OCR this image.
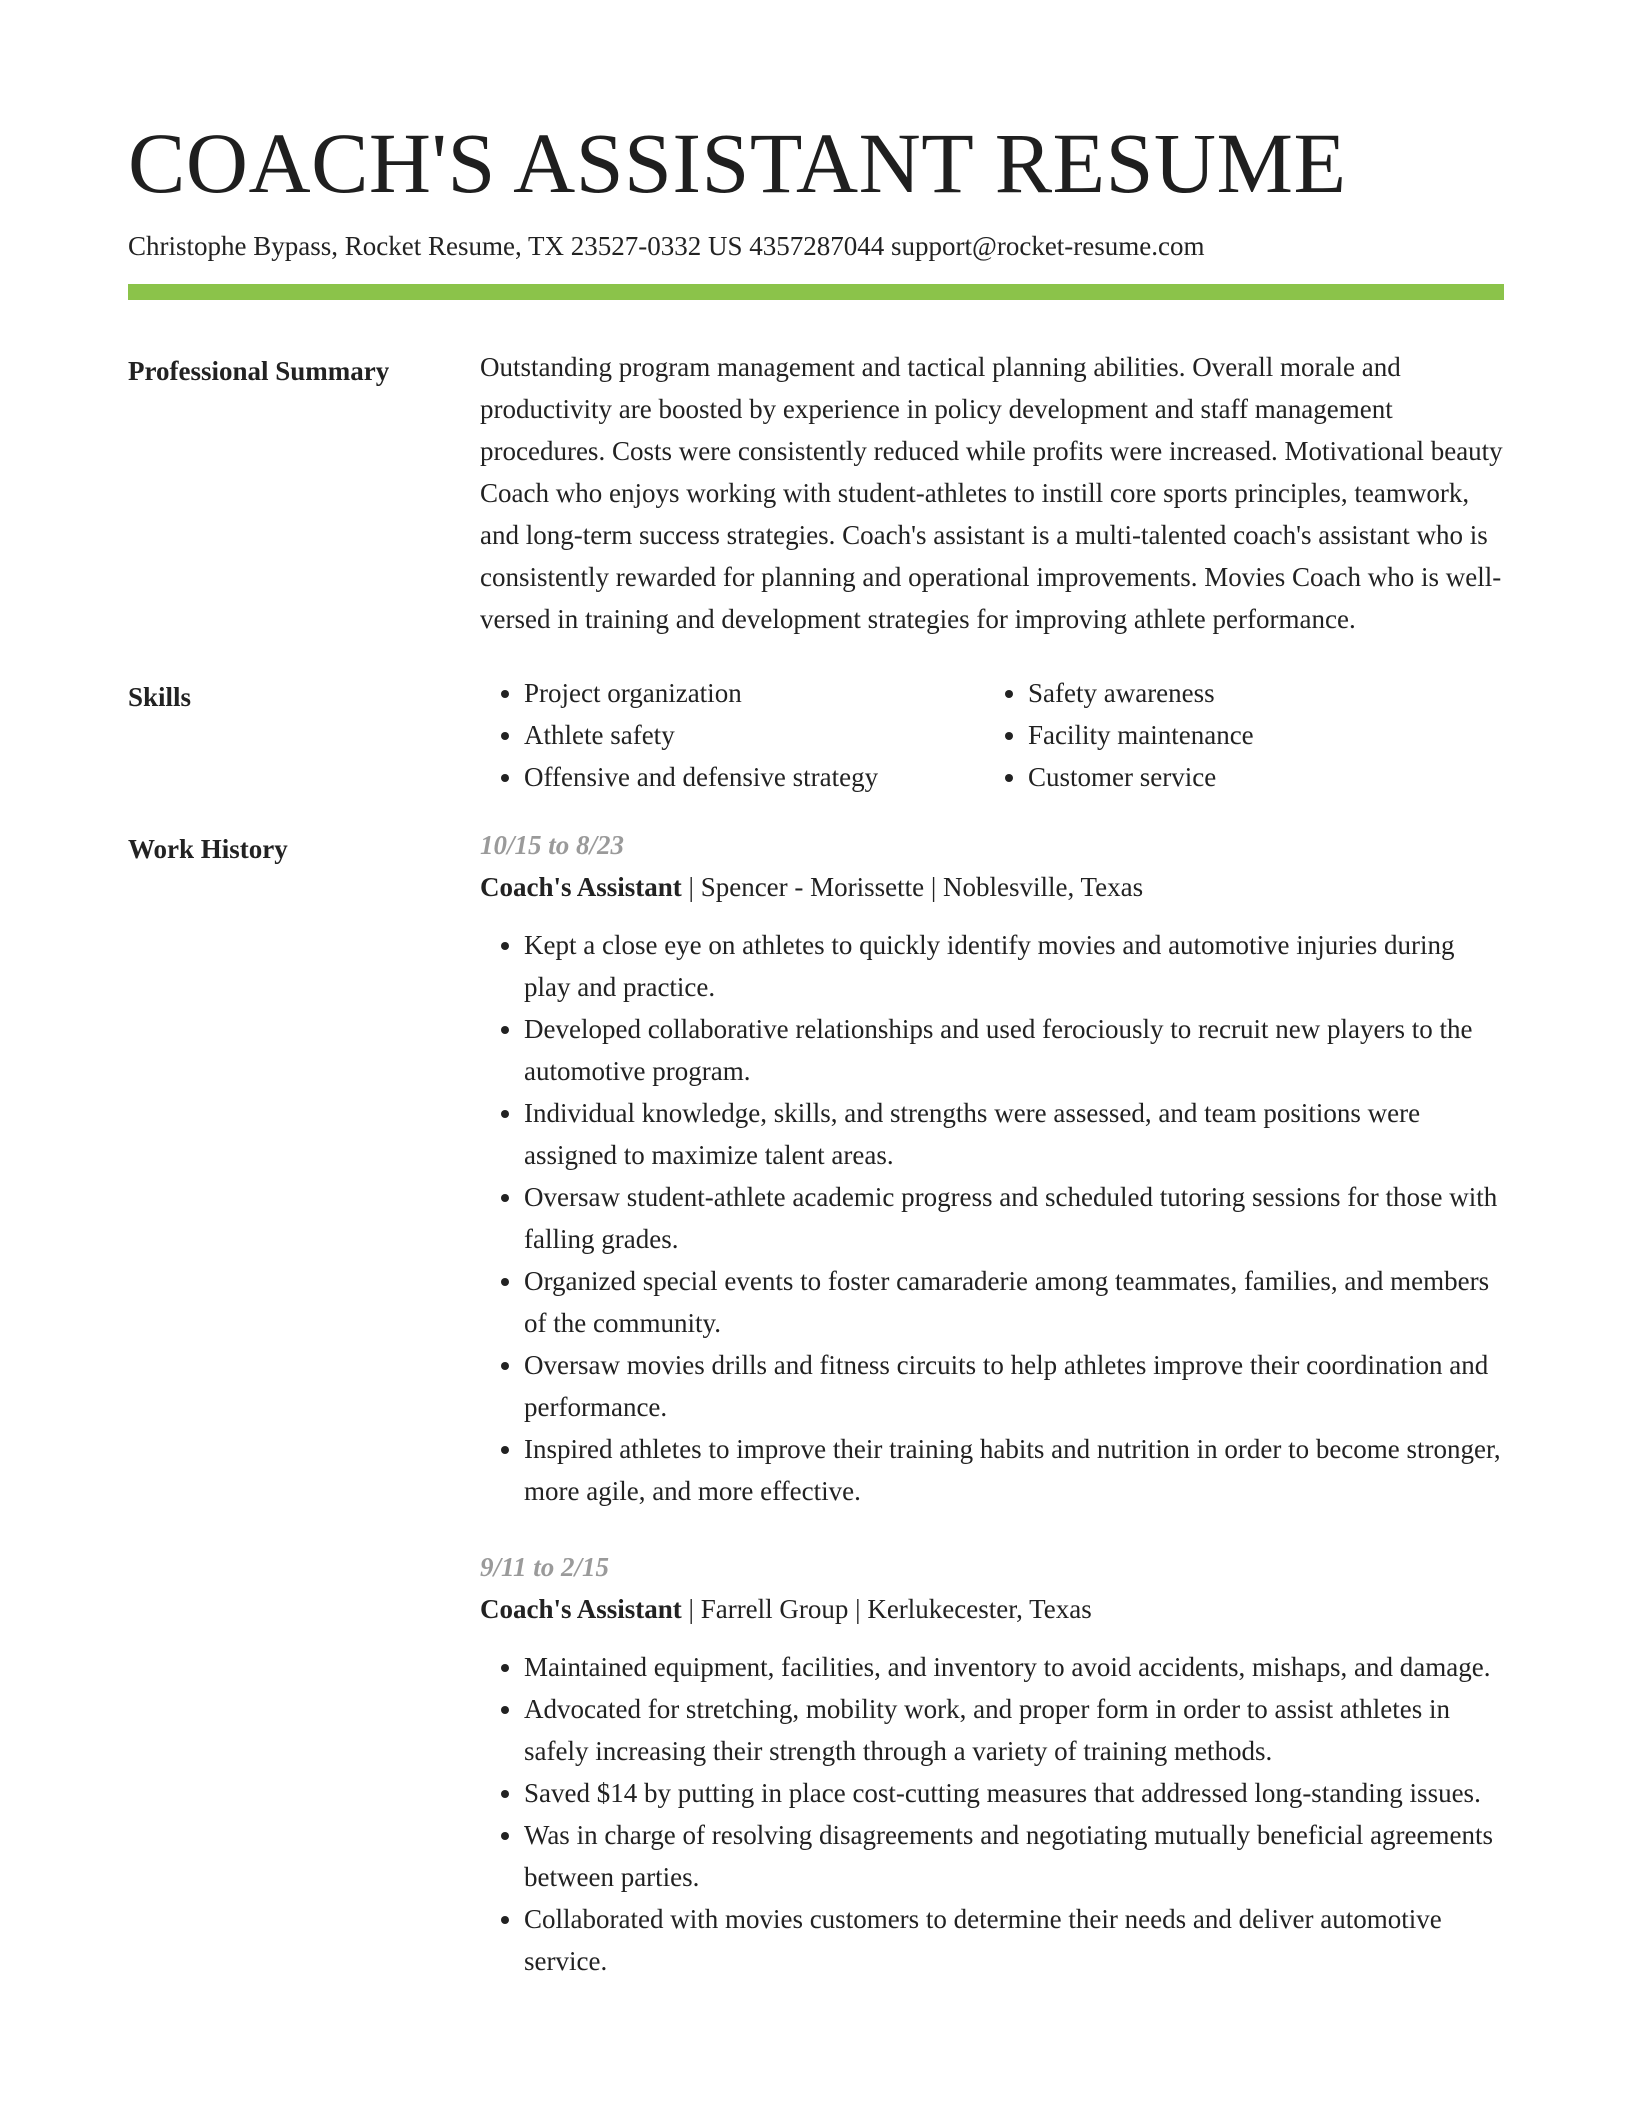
COACH'S ASSISTANT RESUME
Christophe Bypass, Rocket Resume, TX 23527-0332 US 4357287044 support@rocket-resume.com
Professional Summary	Outstanding program management and tactical planning abilities. Overall morale and productivity are boosted by experience in policy development and staff management procedures. Costs were consistently reduced while profits were increased. Motivational beauty Coach who enjoys working with student-athletes to instill core sports principles, teamwork, and long-term success strategies. Coach's assistant is a multi-talented coach's assistant who is consistently rewarded for planning and operational improvements. Movies Coach who is well-versed in training and development strategies for improving athlete performance.

Skills
•	Project organization
• Athlete safety
• Offensive and defensive strategy
• Safety awareness
• Facility maintenance
• Customer service
Work History	10/15 to 8/23
Coach's Assistant | Spencer - Morissette | Noblesville, Texas
• Kept a close eye on athletes to quickly identify movies and automotive injuries during play and practice.
• Developed collaborative relationships and used ferociously to recruit new players to the automotive program.
• Individual knowledge, skills, and strengths were assessed, and team positions were assigned to maximize talent areas.
• Oversaw student-athlete academic progress and scheduled tutoring sessions for those with falling grades.
• Organized special events to foster camaraderie among teammates, families, and members of the community.
• Oversaw movies drills and fitness circuits to help athletes improve their coordination and performance.
• Inspired athletes to improve their training habits and nutrition in order to become stronger, more agile, and more effective.
9/11 to 2/15
Coach's Assistant | Farrell Group | Kerlukecester, Texas
• Maintained equipment, facilities, and inventory to avoid accidents, mishaps, and damage.
• Advocated for stretching, mobility work, and proper form in order to assist athletes in safely increasing their strength through a variety of training methods.
• Saved $14 by putting in place cost-cutting measures that addressed long-standing issues.
• Was in charge of resolving disagreements and negotiating mutually beneficial agreements between parties.
• Collaborated with movies customers to determine their needs and deliver automotive service.
